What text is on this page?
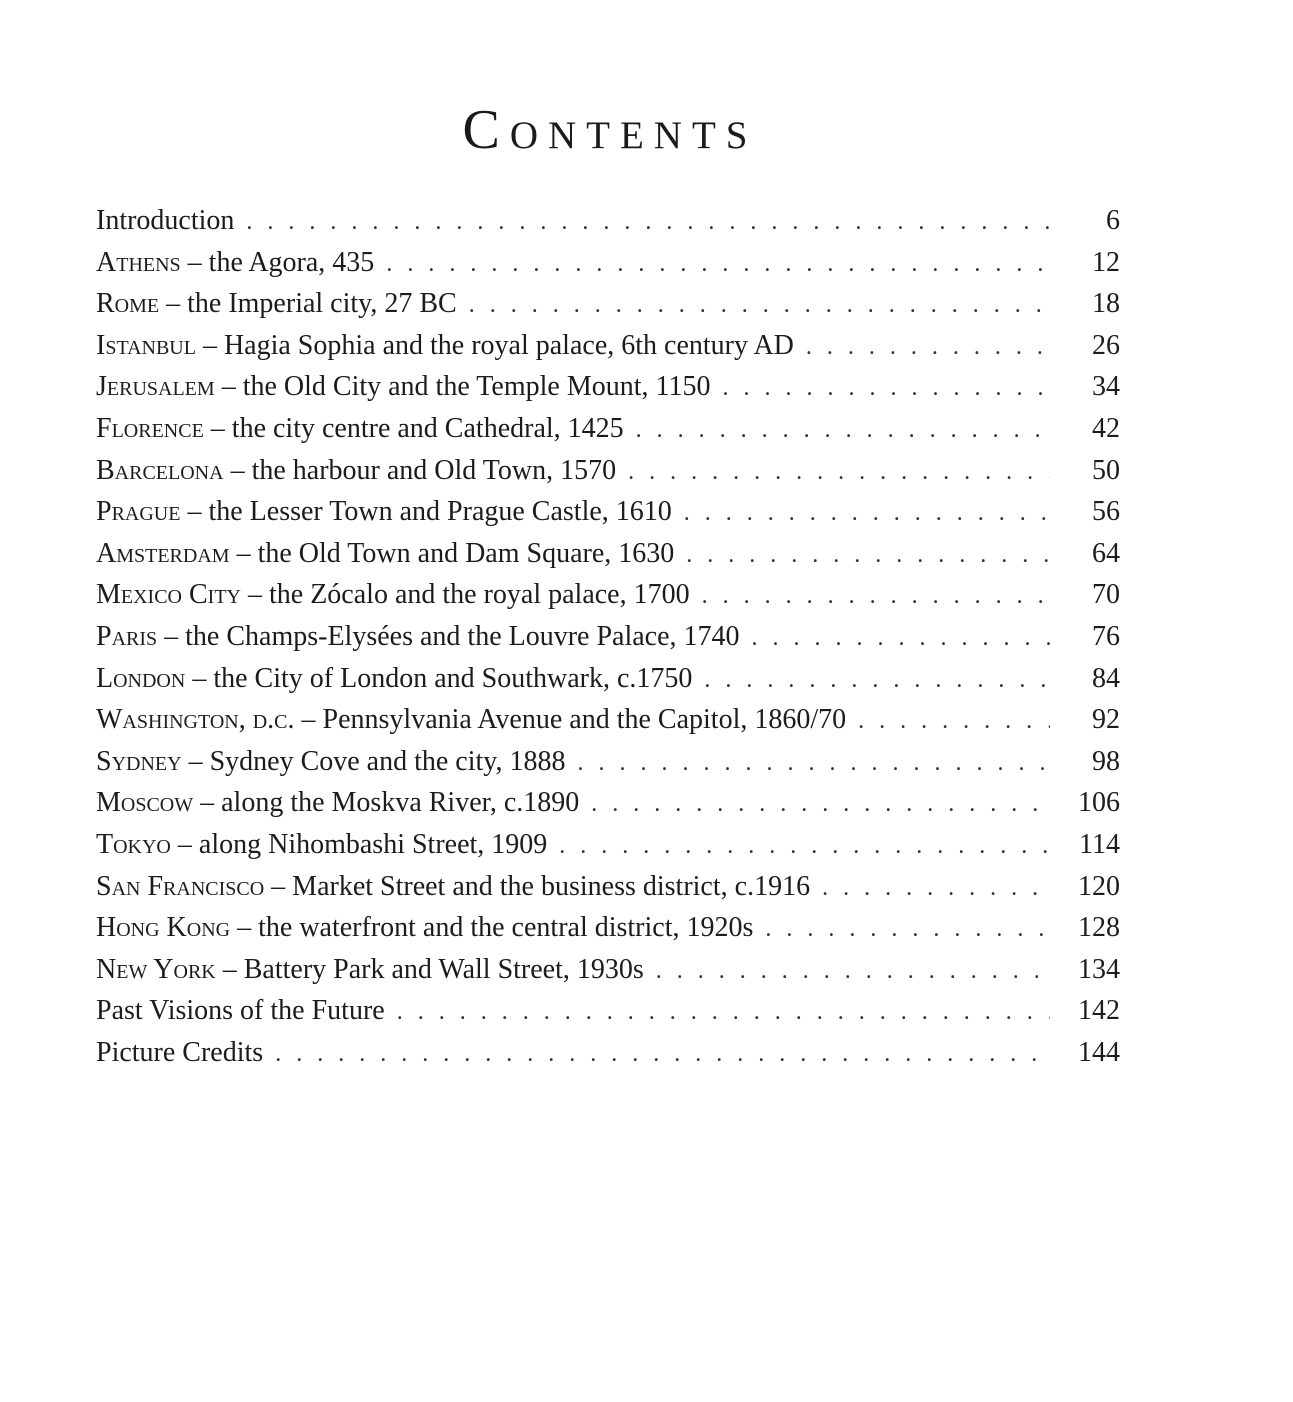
Contents
Introduction . . .	6
Athens – the Agora, 435 . . .	12
Rome – the Imperial city, 27 BC . . .	18
Istanbul – Hagia Sophia and the royal palace, 6th century AD . . .	26
Jerusalem – the Old City and the Temple Mount, 1150 . . .	34
Florence – the city centre and Cathedral, 1425 . . .	42
Barcelona – the harbour and Old Town, 1570 . . .	50
Prague – the Lesser Town and Prague Castle, 1610 . . .	56
Amsterdam – the Old Town and Dam Square, 1630 . . .	64
Mexico City – the Zócalo and the royal palace, 1700 . . .	70
Paris – the Champs-Elysées and the Louvre Palace, 1740 . . .	76
London – the City of London and Southwark, c.1750 . . .	84
Washington, d.c. – Pennsylvania Avenue and the Capitol, 1860/70 . . .	92
Sydney – Sydney Cove and the city, 1888 . . .	98
Moscow – along the Moskva River, c.1890 . . .	106
Tokyo – along Nihombashi Street, 1909 . . .	114
San Francisco – Market Street and the business district, c.1916 . . .	120
Hong Kong – the waterfront and the central district, 1920s . . .	128
New York – Battery Park and Wall Street, 1930s . . .	134
Past Visions of the Future . . .	142
Picture Credits . . .	144
